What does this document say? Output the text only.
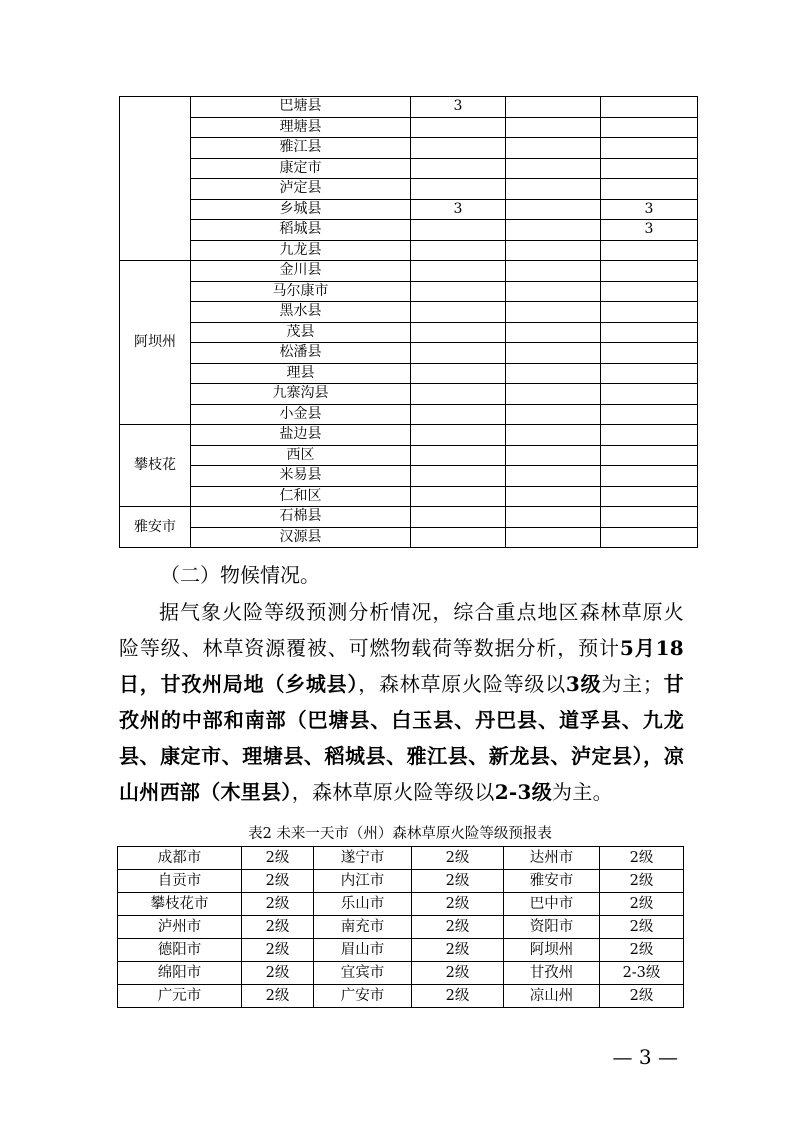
	巴塘县	3		
	理塘县			
	雅江县			
	康定市			
	泸定县			
	乡城县	3		3
	稻城县			3
	九龙县			
阿坝州	金川县			
	马尔康市			
	黑水县			
	茂县			
	松潘县			
	理县			
	九寨沟县			
	小金县			
攀枝花	盐边县			
	西区			
	米易县			
	仁和区			
雅安市	石棉县			
	汉源县			
（二）物候情况。
据气象火险等级预测分析情况，综合重点地区森林草原火险等级、林草资源覆被、可燃物载荷等数据分析，预计5月18日，甘孜州局地（乡城县），森林草原火险等级以3级为主；甘孜州的中部和南部（巴塘县、白玉县、丹巴县、道孚县、九龙县、康定市、理塘县、稻城县、雅江县、新龙县、泸定县），凉山州西部（木里县），森林草原火险等级以2-3级为主。
表2 未来一天市（州）森林草原火险等级预报表
成都市	2级	遂宁市	2级	达州市	2级
自贡市	2级	内江市	2级	雅安市	2级
攀枝花市	2级	乐山市	2级	巴中市	2级
泸州市	2级	南充市	2级	资阳市	2级
德阳市	2级	眉山市	2级	阿坝州	2级
绵阳市	2级	宜宾市	2级	甘孜州	2-3级
广元市	2级	广安市	2级	凉山州	2级
— 3 —
